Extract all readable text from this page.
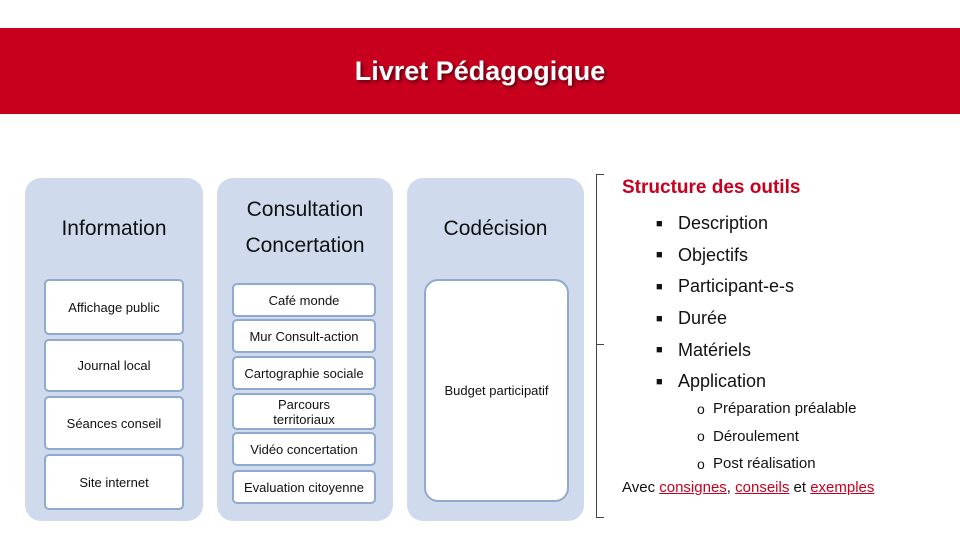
Livret Pédagogique
Information
Affichage public
Journal local
Séances conseil
Site internet
Consultation
Concertation
Café monde
Mur Consult-action
Cartographie sociale
Parcours territoriaux
Vidéo concertation
Evaluation citoyenne
Codécision
Budget participatif
Structure des outils
■ Description
■ Objectifs
■ Participant-e-s
■ Durée
■ Matériels
■ Application
o Préparation préalable
o Déroulement
o Post réalisation
Avec consignes, conseils et exemples
